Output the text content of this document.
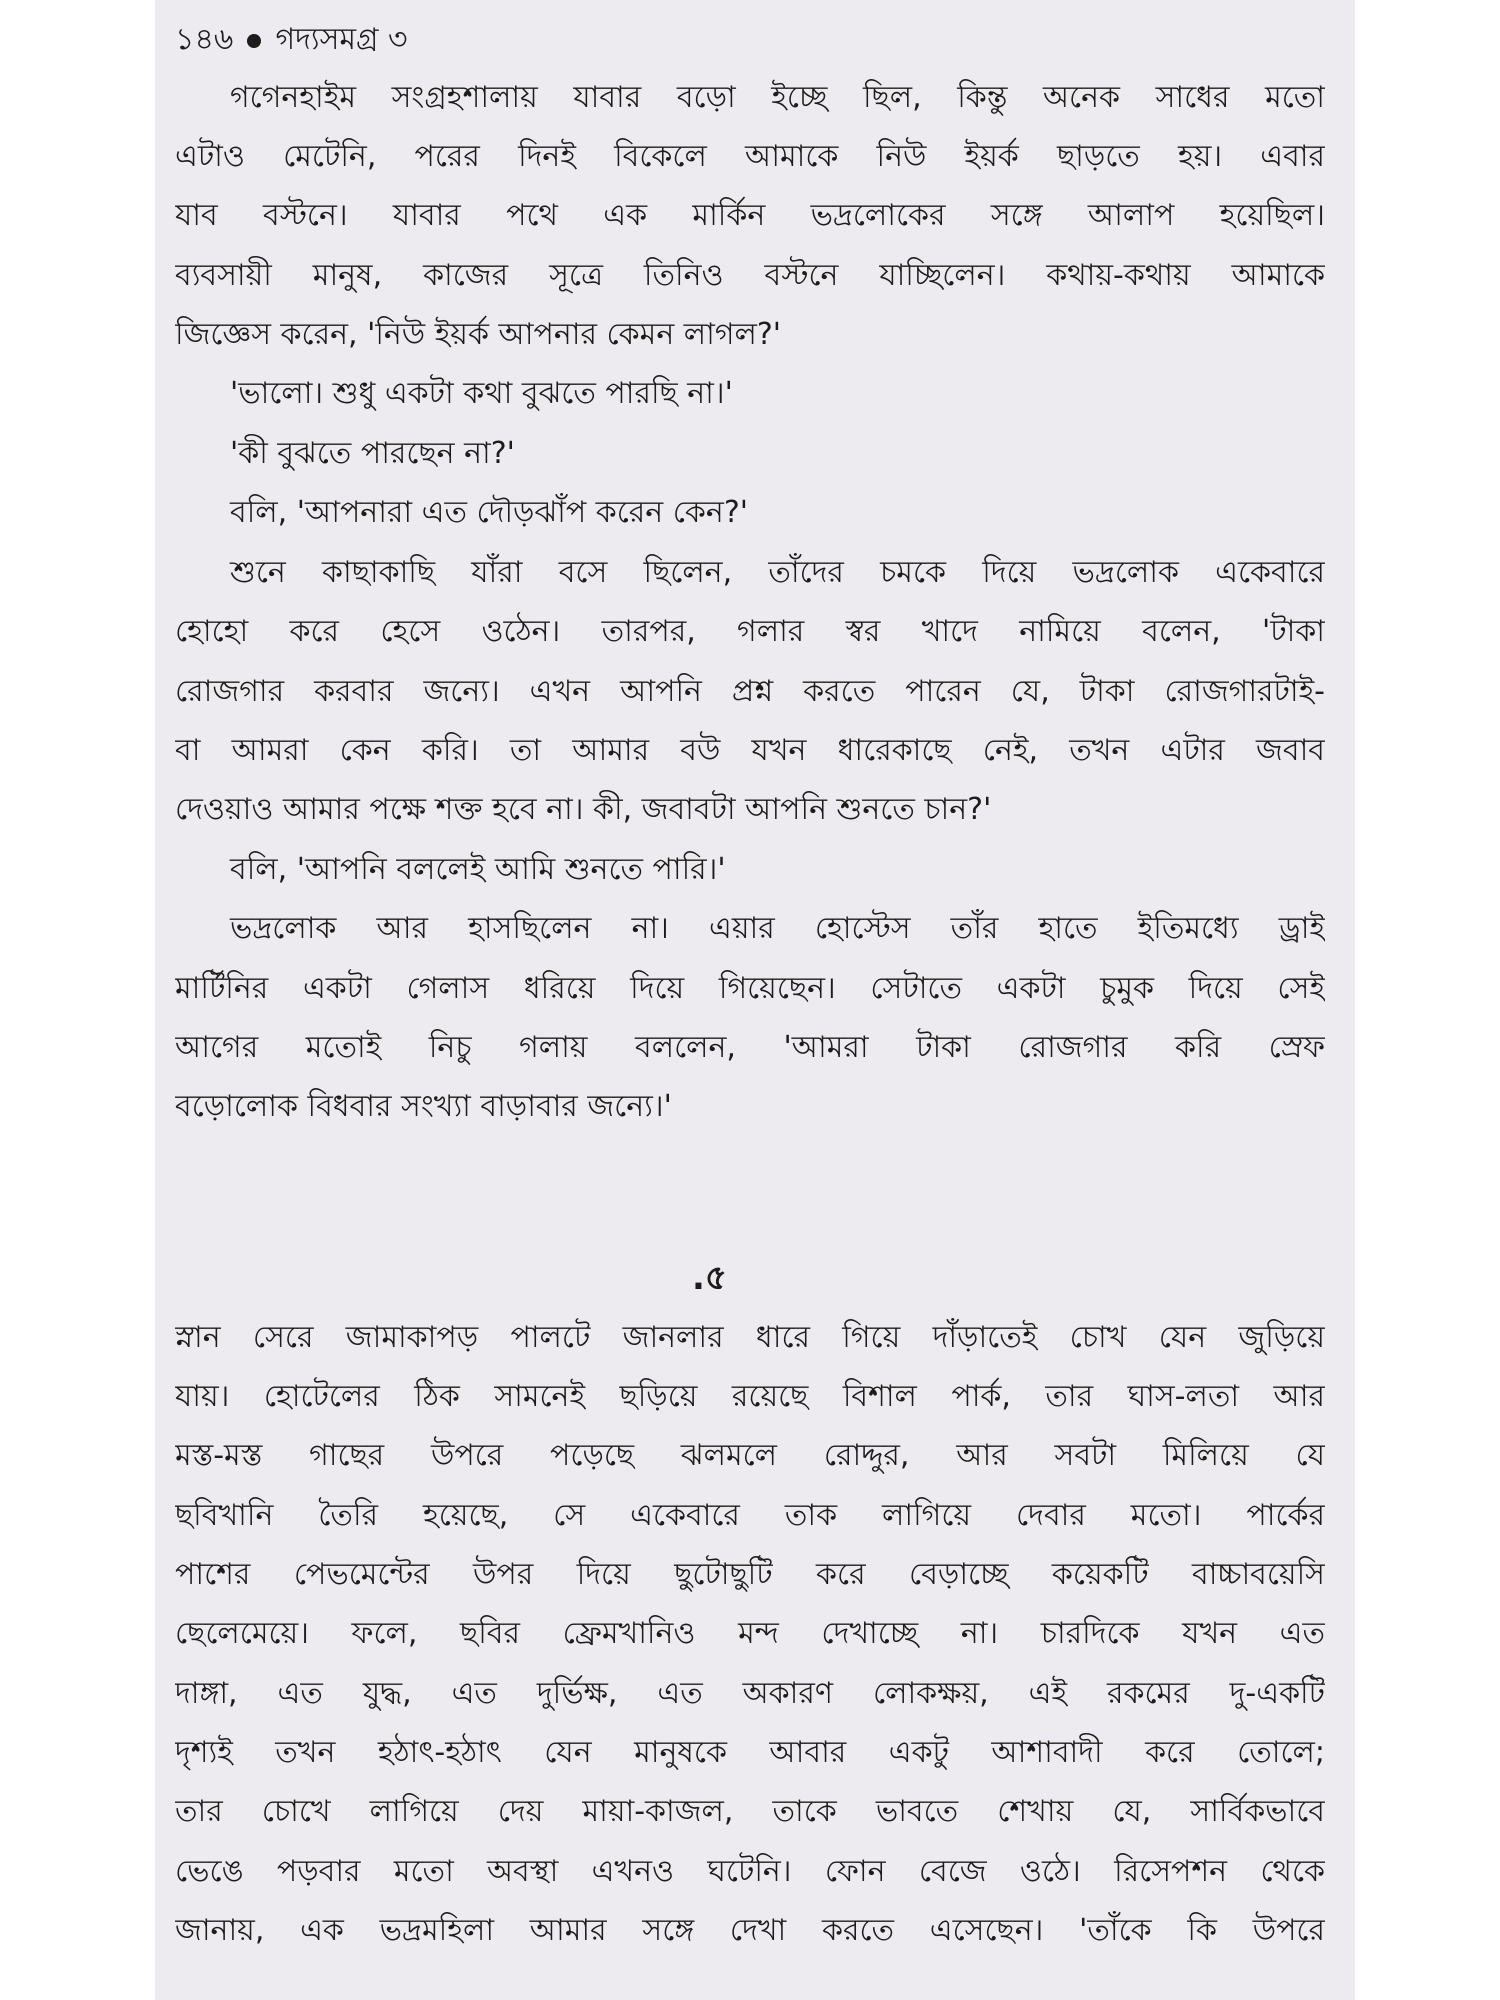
১৪৬ গদ্যসমগ্র ৩
গগেনহাইম সংগ্রহশালায় যাবার বড়ো ইচ্ছে ছিল, কিন্তু অনেক সাধের মতো
এটাও মেটেনি, পরের দিনই বিকেলে আমাকে নিউ ইয়র্ক ছাড়তে হয়। এবার
যাব বস্টনে। যাবার পথে এক মার্কিন ভদ্রলোকের সঙ্গে আলাপ হয়েছিল।
ব্যবসায়ী মানুষ, কাজের সূত্রে তিনিও বস্টনে যাচ্ছিলেন। কথায়-কথায় আমাকে
জিজ্ঞেস করেন, 'নিউ ইয়র্ক আপনার কেমন লাগল?'
'ভালো। শুধু একটা কথা বুঝতে পারছি না।'
'কী বুঝতে পারছেন না?'
বলি, 'আপনারা এত দৌড়ঝাঁপ করেন কেন?'
শুনে কাছাকাছি যাঁরা বসে ছিলেন, তাঁদের চমকে দিয়ে ভদ্রলোক একেবারে
হোহো করে হেসে ওঠেন। তারপর, গলার স্বর খাদে নামিয়ে বলেন, 'টাকা
রোজগার করবার জন্যে। এখন আপনি প্রশ্ন করতে পারেন যে, টাকা রোজগারটাই-
বা আমরা কেন করি। তা আমার বউ যখন ধারেকাছে নেই, তখন এটার জবাব
দেওয়াও আমার পক্ষে শক্ত হবে না। কী, জবাবটা আপনি শুনতে চান?'
বলি, 'আপনি বললেই আমি শুনতে পারি।'
ভদ্রলোক আর হাসছিলেন না। এয়ার হোস্টেস তাঁর হাতে ইতিমধ্যে ড্রাই
মার্টিনির একটা গেলাস ধরিয়ে দিয়ে গিয়েছেন। সেটাতে একটা চুমুক দিয়ে সেই
আগের মতোই নিচু গলায় বললেন, 'আমরা টাকা রোজগার করি স্রেফ
বড়োলোক বিধবার সংখ্যা বাড়াবার জন্যে।'
.৫
স্নান সেরে জামাকাপড় পালটে জানলার ধারে গিয়ে দাঁড়াতেই চোখ যেন জুড়িয়ে
যায়। হোটেলের ঠিক সামনেই ছড়িয়ে রয়েছে বিশাল পার্ক, তার ঘাস-লতা আর
মস্ত-মস্ত গাছের উপরে পড়েছে ঝলমলে রোদ্দুর, আর সবটা মিলিয়ে যে
ছবিখানি তৈরি হয়েছে, সে একেবারে তাক লাগিয়ে দেবার মতো। পার্কের
পাশের পেভমেন্টের উপর দিয়ে ছুটোছুটি করে বেড়াচ্ছে কয়েকটি বাচ্চাবয়েসি
ছেলেমেয়ে। ফলে, ছবির ফ্রেমখানিও মন্দ দেখাচ্ছে না। চারদিকে যখন এত
দাঙ্গা, এত যুদ্ধ, এত দুর্ভিক্ষ, এত অকারণ লোকক্ষয়, এই রকমের দু-একটি
দৃশ্যই তখন হঠাৎ-হঠাৎ যেন মানুষকে আবার একটু আশাবাদী করে তোলে;
তার চোখে লাগিয়ে দেয় মায়া-কাজল, তাকে ভাবতে শেখায় যে, সার্বিকভাবে
ভেঙে পড়বার মতো অবস্থা এখনও ঘটেনি। ফোন বেজে ওঠে। রিসেপশন থেকে
জানায়, এক ভদ্রমহিলা আমার সঙ্গে দেখা করতে এসেছেন। 'তাঁকে কি উপরে
